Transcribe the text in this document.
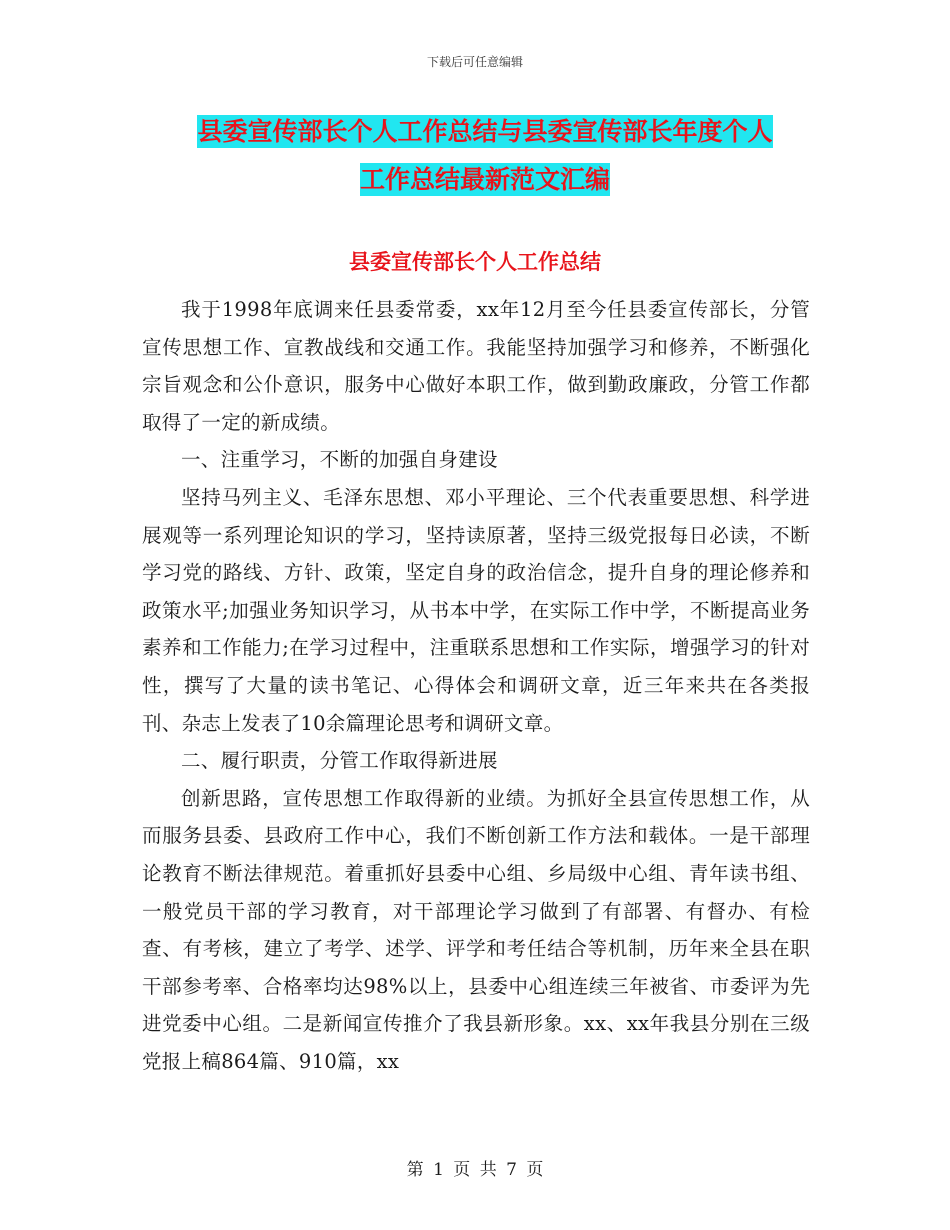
下载后可任意编辑
县委宣传部长个人工作总结与县委宣传部长年度个人
工作总结最新范文汇编
县委宣传部长个人工作总结

我于1998年底调来任县委常委，xx年12月至今任县委宣传部长，分管宣传思想工作、宣教战线和交通工作。我能坚持加强学习和修养，不断强化宗旨观念和公仆意识，服务中心做好本职工作，做到勤政廉政，分管工作都取得了一定的新成绩。

一、注重学习，不断的加强自身建设

坚持马列主义、毛泽东思想、邓小平理论、三个代表重要思想、科学进展观等一系列理论知识的学习，坚持读原著，坚持三级党报每日必读，不断学习党的路线、方针、政策，坚定自身的政治信念，提升自身的理论修养和政策水平;加强业务知识学习，从书本中学，在实际工作中学，不断提高业务素养和工作能力;在学习过程中，注重联系思想和工作实际，增强学习的针对性，撰写了大量的读书笔记、心得体会和调研文章，近三年来共在各类报刊、杂志上发表了10余篇理论思考和调研文章。

二、履行职责，分管工作取得新进展

创新思路，宣传思想工作取得新的业绩。为抓好全县宣传思想工作，从而服务县委、县政府工作中心，我们不断创新工作方法和载体。一是干部理论教育不断法律规范。着重抓好县委中心组、乡局级中心组、青年读书组、一般党员干部的学习教育，对干部理论学习做到了有部署、有督办、有检查、有考核，建立了考学、述学、评学和考任结合等机制，历年来全县在职干部参考率、合格率均达98%以上，县委中心组连续三年被省、市委评为先进党委中心组。二是新闻宣传推介了我县新形象。xx、xx年我县分别在三级党报上稿864篇、910篇，xx

第 1 页 共 7 页
